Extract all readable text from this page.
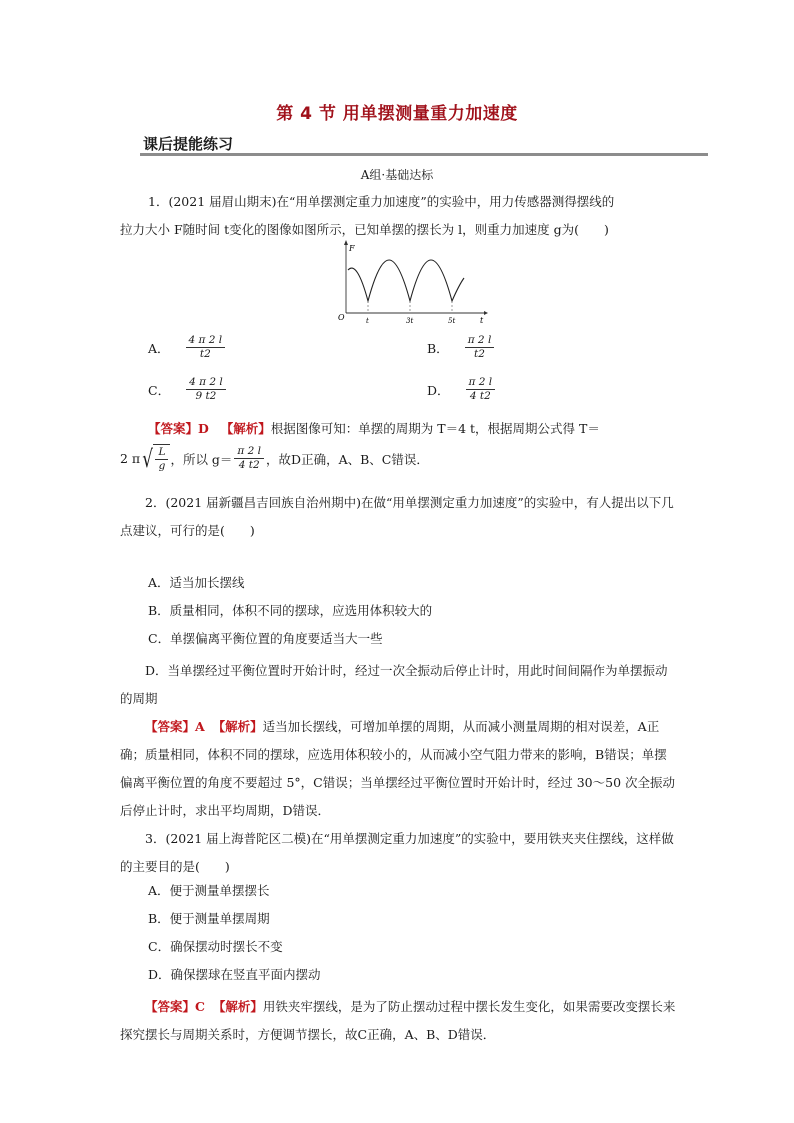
第 4 节 用单摆测量重力加速度
课后提能练习
A组·基础达标
1．(2021 届眉山期末)在“用单摆测定重力加速度”的实验中，用力传感器测得摆线的
拉力大小 F随时间 t变化的图像如图所示，已知单摆的摆长为 l，则重力加速度 g为(　　)
F
O	t
t	3t	5t
A． $\frac{4 \pi 2 l}{t2}$	B． $\frac{\pi 2 l}{t2}$
C． $\frac{4 \pi 2 l}{9 t2}$	D． $\frac{\pi 2 l}{4 t2}$
【答案】D 【解析】根据图像可知：单摆的周期为 T＝4 t，根据周期公式得 T＝
2 π √ $\frac{L}{g}$ ，所以 $g= \frac{\pi 2 l}{4 t2}$ ，故D正确，A、B、C错误．
2．(2021 届新疆昌吉回族自治州期中)在做“用单摆测定重力加速度”的实验中，有人提出以下几点建议，可行的是(　　)
A．适当加长摆线
B．质量相同，体积不同的摆球，应选用体积较大的
C．单摆偏离平衡位置的角度要适当大一些
D．当单摆经过平衡位置时开始计时，经过一次全振动后停止计时，用此时间间隔作为单摆振动的周期
【答案】A 【解析】适当加长摆线，可增加单摆的周期，从而减小测量周期的相对误差，A正确；质量相同，体积不同的摆球，应选用体积较小的，从而减小空气阻力带来的影响，B错误；单摆偏离平衡位置的角度不要超过 5°，C错误；当单摆经过平衡位置时开始计时，经过 30～50 次全振动后停止计时，求出平均周期，D错误．
3．(2021 届上海普陀区二模)在“用单摆测定重力加速度”的实验中，要用铁夹夹住摆线，这样做的主要目的是(　　)
A．便于测量单摆摆长
B．便于测量单摆周期
C．确保摆动时摆长不变
D．确保摆球在竖直平面内摆动
【答案】C 【解析】用铁夹牢摆线，是为了防止摆动过程中摆长发生变化，如果需要改变摆长来探究摆长与周期关系时，方便调节摆长，故C正确，A、B、D错误．
